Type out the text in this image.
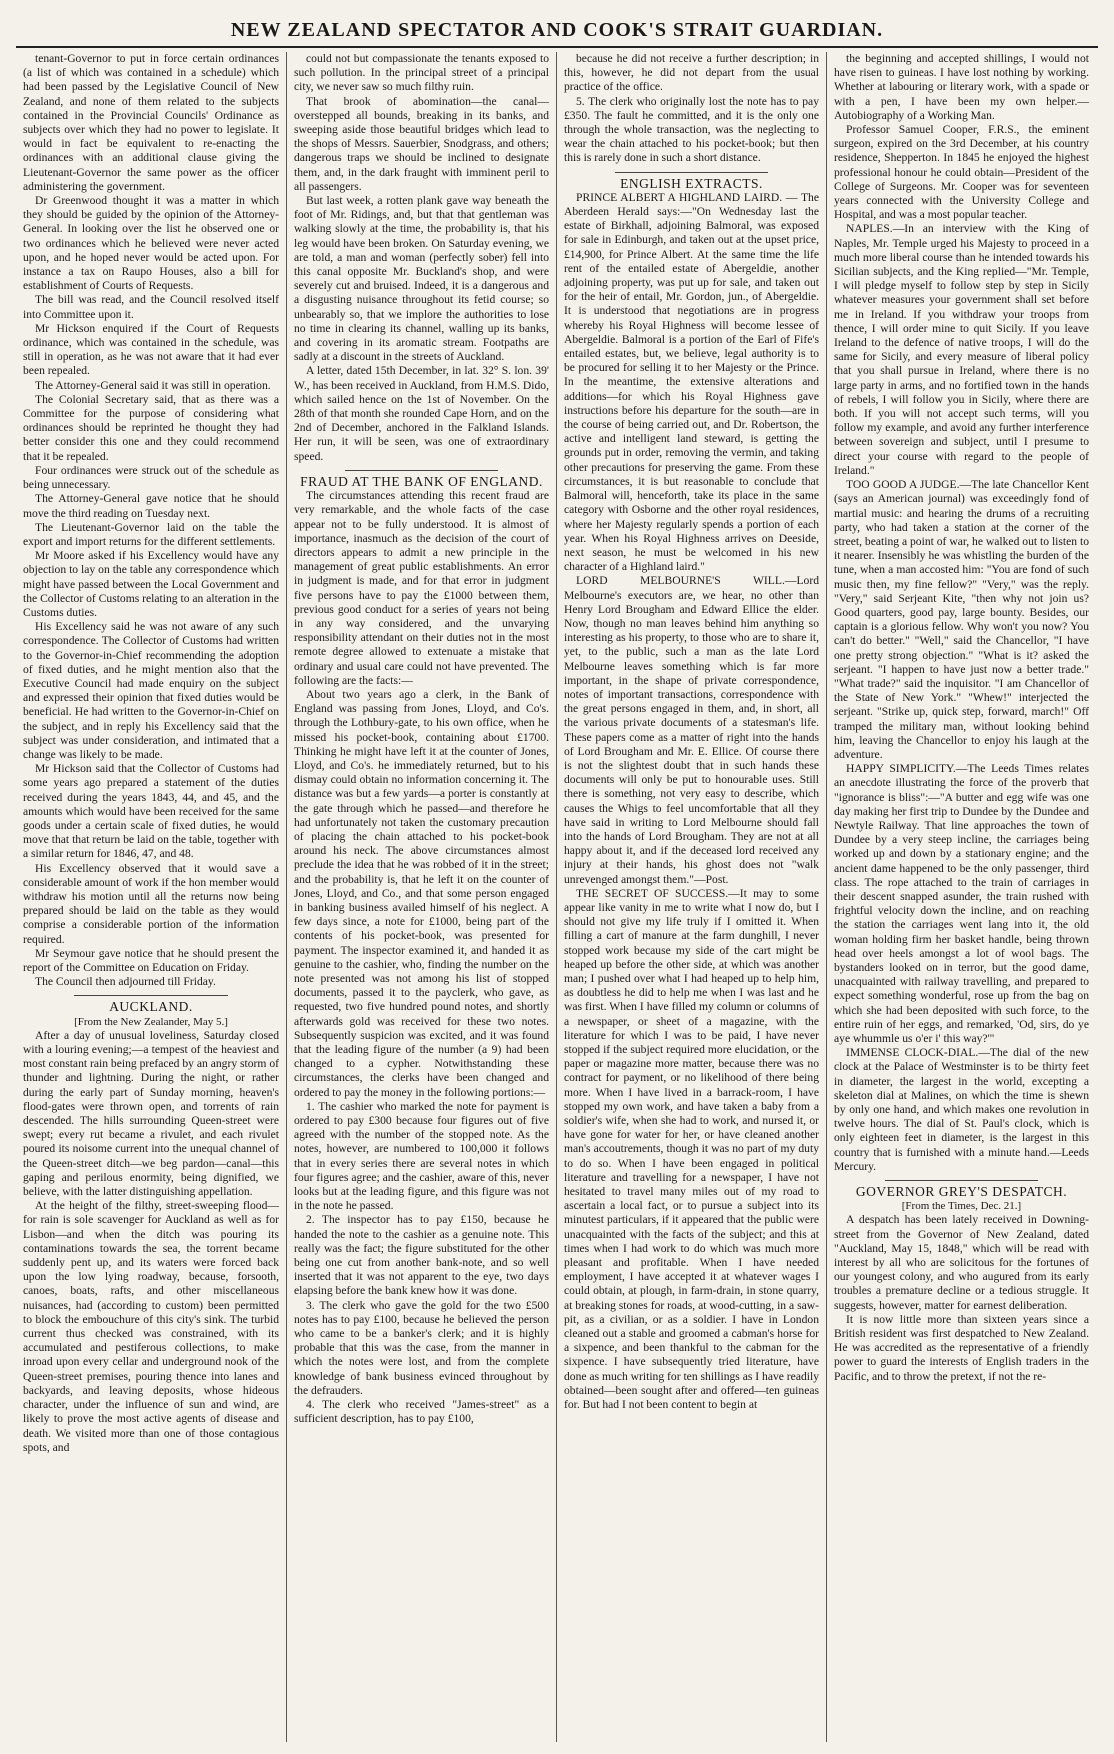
NEW ZEALAND SPECTATOR AND COOK'S STRAIT GUARDIAN.

tenant-Governor to put in force certain ordinances (a list of which was contained in a schedule) which had been passed by the Legislative Council of New Zealand, and none of them related to the subjects contained in the Provincial Councils' Ordinance as subjects over which they had no power to legislate. It would in fact be equivalent to re-enacting the ordinances with an additional clause giving the Lieutenant-Governor the same power as the officer administering the government.

Dr Greenwood thought it was a matter in which they should be guided by the opinion of the Attorney-General. In looking over the list he observed one or two ordinances which he believed were never acted upon, and he hoped never would be acted upon. For instance a tax on Raupo Houses, also a bill for establishment of Courts of Requests.

The bill was read, and the Council resolved itself into Committee upon it.

Mr Hickson enquired if the Court of Requests ordinance, which was contained in the schedule, was still in operation, as he was not aware that it had ever been repealed.

The Attorney-General said it was still in operation.

The Colonial Secretary said, that as there was a Committee for the purpose of considering what ordinances should be reprinted he thought they had better consider this one and they could recommend that it be repealed.

Four ordinances were struck out of the schedule as being unnecessary.

The Attorney-General gave notice that he should move the third reading on Tuesday next.

The Lieutenant-Governor laid on the table the export and import returns for the different settlements.

Mr Moore asked if his Excellency would have any objection to lay on the table any correspondence which might have passed between the Local Government and the Collector of Customs relating to an alteration in the Customs duties.

His Excellency said he was not aware of any such correspondence. The Collector of Customs had written to the Governor-in-Chief recommending the adoption of fixed duties, and he might mention also that the Executive Council had made enquiry on the subject and expressed their opinion that fixed duties would be beneficial. He had written to the Governor-in-Chief on the subject, and in reply his Excellency said that the subject was under consideration, and intimated that a change was likely to be made.

Mr Hickson said that the Collector of Customs had some years ago prepared a statement of the duties received during the years 1843, 44, and 45, and the amounts which would have been received for the same goods under a certain scale of fixed duties, he would move that that return be laid on the table, together with a similar return for 1846, 47, and 48.

His Excellency observed that it would save a considerable amount of work if the hon member would withdraw his motion until all the returns now being prepared should be laid on the table as they would comprise a considerable portion of the information required.

Mr Seymour gave notice that he should present the report of the Committee on Education on Friday.

The Council then adjourned till Friday.

AUCKLAND.

[From the New Zealander, May 5.]

After a day of unusual loveliness, Saturday closed with a louring evening;—a tempest of the heaviest and most constant rain being prefaced by an angry storm of thunder and lightning. During the night, or rather during the early part of Sunday morning, heaven's flood-gates were thrown open, and torrents of rain descended. The hills surrounding Queen-street were swept; every rut became a rivulet, and each rivulet poured its noisome current into the unequal channel of the Queen-street ditch—we beg pardon—canal—this gaping and perilous enormity, being dignified, we believe, with the latter distinguishing appellation.

At the height of the filthy, street-sweeping flood—for rain is sole scavenger for Auckland as well as for Lisbon—and when the ditch was pouring its contaminations towards the sea, the torrent became suddenly pent up, and its waters were forced back upon the low lying roadway, because, forsooth, canoes, boats, rafts, and other miscellaneous nuisances, had (according to custom) been permitted to block the embouchure of this city's sink. The turbid current thus checked was constrained, with its accumulated and pestiferous collections, to make inroad upon every cellar and underground nook of the Queen-street premises, pouring thence into lanes and backyards, and leaving deposits, whose hideous character, under the influence of sun and wind, are likely to prove the most active agents of disease and death. We visited more than one of those contagious spots, and

could not but compassionate the tenants exposed to such pollution. In the principal street of a principal city, we never saw so much filthy ruin.

That brook of abomination—the canal—overstepped all bounds, breaking in its banks, and sweeping aside those beautiful bridges which lead to the shops of Messrs. Sauerbier, Snodgrass, and others; dangerous traps we should be inclined to designate them, and, in the dark fraught with imminent peril to all passengers.

But last week, a rotten plank gave way beneath the foot of Mr. Ridings, and, but that that gentleman was walking slowly at the time, the probability is, that his leg would have been broken. On Saturday evening, we are told, a man and woman (perfectly sober) fell into this canal opposite Mr. Buckland's shop, and were severely cut and bruised. Indeed, it is a dangerous and a disgusting nuisance throughout its fetid course; so unbearably so, that we implore the authorities to lose no time in clearing its channel, walling up its banks, and covering in its aromatic stream. Footpaths are sadly at a discount in the streets of Auckland.

A letter, dated 15th December, in lat. 32° S. lon. 39' W., has been received in Auckland, from H.M.S. Dido, which sailed hence on the 1st of November. On the 28th of that month she rounded Cape Horn, and on the 2nd of December, anchored in the Falkland Islands. Her run, it will be seen, was one of extraordinary speed.

FRAUD AT THE BANK OF ENGLAND.

The circumstances attending this recent fraud are very remarkable, and the whole facts of the case appear not to be fully understood. It is almost of importance, inasmuch as the decision of the court of directors appears to admit a new principle in the management of great public establishments. An error in judgment is made, and for that error in judgment five persons have to pay the £1000 between them, previous good conduct for a series of years not being in any way considered, and the unvarying responsibility attendant on their duties not in the most remote degree allowed to extenuate a mistake that ordinary and usual care could not have prevented. The following are the facts:—

About two years ago a clerk, in the Bank of England was passing from Jones, Lloyd, and Co's. through the Lothbury-gate, to his own office, when he missed his pocket-book, containing about £1700. Thinking he might have left it at the counter of Jones, Lloyd, and Co's. he immediately returned, but to his dismay could obtain no information concerning it. The distance was but a few yards—a porter is constantly at the gate through which he passed—and therefore he had unfortunately not taken the customary precaution of placing the chain attached to his pocket-book around his neck. The above circumstances almost preclude the idea that he was robbed of it in the street; and the probability is, that he left it on the counter of Jones, Lloyd, and Co., and that some person engaged in banking business availed himself of his neglect. A few days since, a note for £1000, being part of the contents of his pocket-book, was presented for payment. The inspector examined it, and handed it as genuine to the cashier, who, finding the number on the note presented was not among his list of stopped documents, passed it to the payclerk, who gave, as requested, two five hundred pound notes, and shortly afterwards gold was received for these two notes. Subsequently suspicion was excited, and it was found that the leading figure of the number (a 9) had been changed to a cypher. Notwithstanding these circumstances, the clerks have been changed and ordered to pay the money in the following portions:—

1. The cashier who marked the note for payment is ordered to pay £300 because four figures out of five agreed with the number of the stopped note. As the notes, however, are numbered to 100,000 it follows that in every series there are several notes in which four figures agree; and the cashier, aware of this, never looks but at the leading figure, and this figure was not in the note he passed.

2. The inspector has to pay £150, because he handed the note to the cashier as a genuine note. This really was the fact; the figure substituted for the other being one cut from another bank-note, and so well inserted that it was not apparent to the eye, two days elapsing before the bank knew how it was done.

3. The clerk who gave the gold for the two £500 notes has to pay £100, because he believed the person who came to be a banker's clerk; and it is highly probable that this was the case, from the manner in which the notes were lost, and from the complete knowledge of bank business evinced throughout by the defrauders.

4. The clerk who received "James-street" as a sufficient description, has to pay £100,

because he did not receive a further description; in this, however, he did not depart from the usual practice of the office.

5. The clerk who originally lost the note has to pay £350. The fault he committed, and it is the only one through the whole transaction, was the neglecting to wear the chain attached to his pocket-book; but then this is rarely done in such a short distance.

ENGLISH EXTRACTS.

PRINCE ALBERT A HIGHLAND LAIRD. — The Aberdeen Herald says:—"On Wednesday last the estate of Birkhall, adjoining Balmoral, was exposed for sale in Edinburgh, and taken out at the upset price, £14,900, for Prince Albert. At the same time the life rent of the entailed estate of Abergeldie, another adjoining property, was put up for sale, and taken out for the heir of entail, Mr. Gordon, jun., of Abergeldie. It is understood that negotiations are in progress whereby his Royal Highness will become lessee of Abergeldie. Balmoral is a portion of the Earl of Fife's entailed estates, but, we believe, legal authority is to be procured for selling it to her Majesty or the Prince. In the meantime, the extensive alterations and additions—for which his Royal Highness gave instructions before his departure for the south—are in the course of being carried out, and Dr. Robertson, the active and intelligent land steward, is getting the grounds put in order, removing the vermin, and taking other precautions for preserving the game. From these circumstances, it is but reasonable to conclude that Balmoral will, henceforth, take its place in the same category with Osborne and the other royal residences, where her Majesty regularly spends a portion of each year. When his Royal Highness arrives on Deeside, next season, he must be welcomed in his new character of a Highland laird."

LORD MELBOURNE'S WILL.—Lord Melbourne's executors are, we hear, no other than Henry Lord Brougham and Edward Ellice the elder. Now, though no man leaves behind him anything so interesting as his property, to those who are to share it, yet, to the public, such a man as the late Lord Melbourne leaves something which is far more important, in the shape of private correspondence, notes of important transactions, correspondence with the great persons engaged in them, and, in short, all the various private documents of a statesman's life. These papers come as a matter of right into the hands of Lord Brougham and Mr. E. Ellice. Of course there is not the slightest doubt that in such hands these documents will only be put to honourable uses. Still there is something, not very easy to describe, which causes the Whigs to feel uncomfortable that all they have said in writing to Lord Melbourne should fall into the hands of Lord Brougham. They are not at all happy about it, and if the deceased lord received any injury at their hands, his ghost does not "walk unrevenged amongst them."—Post.

THE SECRET OF SUCCESS.—It may to some appear like vanity in me to write what I now do, but I should not give my life truly if I omitted it. When filling a cart of manure at the farm dunghill, I never stopped work because my side of the cart might be heaped up before the other side, at which was another man; I pushed over what I had heaped up to help him, as doubtless he did to help me when I was last and he was first. When I have filled my column or columns of a newspaper, or sheet of a magazine, with the literature for which I was to be paid, I have never stopped if the subject required more elucidation, or the paper or magazine more matter, because there was no contract for payment, or no likelihood of there being more. When I have lived in a barrack-room, I have stopped my own work, and have taken a baby from a soldier's wife, when she had to work, and nursed it, or have gone for water for her, or have cleaned another man's accoutrements, though it was no part of my duty to do so. When I have been engaged in political literature and travelling for a newspaper, I have not hesitated to travel many miles out of my road to ascertain a local fact, or to pursue a subject into its minutest particulars, if it appeared that the public were unacquainted with the facts of the subject; and this at times when I had work to do which was much more pleasant and profitable. When I have needed employment, I have accepted it at whatever wages I could obtain, at plough, in farm-drain, in stone quarry, at breaking stones for roads, at wood-cutting, in a saw-pit, as a civilian, or as a soldier. I have in London cleaned out a stable and groomed a cabman's horse for a sixpence, and been thankful to the cabman for the sixpence. I have subsequently tried literature, have done as much writing for ten shillings as I have readily obtained—been sought after and offered—ten guineas for. But had I not been content to begin at

the beginning and accepted shillings, I would not have risen to guineas. I have lost nothing by working. Whether at labouring or literary work, with a spade or with a pen, I have been my own helper.—Autobiography of a Working Man.

Professor Samuel Cooper, F.R.S., the eminent surgeon, expired on the 3rd December, at his country residence, Shepperton. In 1845 he enjoyed the highest professional honour he could obtain—President of the College of Surgeons. Mr. Cooper was for seventeen years connected with the University College and Hospital, and was a most popular teacher.

NAPLES.—In an interview with the King of Naples, Mr. Temple urged his Majesty to proceed in a much more liberal course than he intended towards his Sicilian subjects, and the King replied—"Mr. Temple, I will pledge myself to follow step by step in Sicily whatever measures your government shall set before me in Ireland. If you withdraw your troops from thence, I will order mine to quit Sicily. If you leave Ireland to the defence of native troops, I will do the same for Sicily, and every measure of liberal policy that you shall pursue in Ireland, where there is no large party in arms, and no fortified town in the hands of rebels, I will follow you in Sicily, where there are both. If you will not accept such terms, will you follow my example, and avoid any further interference between sovereign and subject, until I presume to direct your course with regard to the people of Ireland."

TOO GOOD A JUDGE.—The late Chancellor Kent (says an American journal) was exceedingly fond of martial music: and hearing the drums of a recruiting party, who had taken a station at the corner of the street, beating a point of war, he walked out to listen to it nearer. Insensibly he was whistling the burden of the tune, when a man accosted him: "You are fond of such music then, my fine fellow?" "Very," was the reply. "Very," said Serjeant Kite, "then why not join us? Good quarters, good pay, large bounty. Besides, our captain is a glorious fellow. Why won't you now? You can't do better." "Well," said the Chancellor, "I have one pretty strong objection." "What is it? asked the serjeant. "I happen to have just now a better trade." "What trade?" said the inquisitor. "I am Chancellor of the State of New York." "Whew!" interjected the serjeant. "Strike up, quick step, forward, march!" Off tramped the military man, without looking behind him, leaving the Chancellor to enjoy his laugh at the adventure.

HAPPY SIMPLICITY.—The Leeds Times relates an anecdote illustrating the force of the proverb that "ignorance is bliss":—"A butter and egg wife was one day making her first trip to Dundee by the Dundee and Newtyle Railway. That line approaches the town of Dundee by a very steep incline, the carriages being worked up and down by a stationary engine; and the ancient dame happened to be the only passenger, third class. The rope attached to the train of carriages in their descent snapped asunder, the train rushed with frightful velocity down the incline, and on reaching the station the carriages went lang into it, the old woman holding firm her basket handle, being thrown head over heels amongst a lot of wool bags. The bystanders looked on in terror, but the good dame, unacquainted with railway travelling, and prepared to expect something wonderful, rose up from the bag on which she had been deposited with such force, to the entire ruin of her eggs, and remarked, 'Od, sirs, do ye aye whummle us o'er i' this way?'"

IMMENSE CLOCK-DIAL.—The dial of the new clock at the Palace of Westminster is to be thirty feet in diameter, the largest in the world, excepting a skeleton dial at Malines, on which the time is shewn by only one hand, and which makes one revolution in twelve hours. The dial of St. Paul's clock, which is only eighteen feet in diameter, is the largest in this country that is furnished with a minute hand.—Leeds Mercury.

GOVERNOR GREY'S DESPATCH.

[From the Times, Dec. 21.]

A despatch has been lately received in Downing-street from the Governor of New Zealand, dated "Auckland, May 15, 1848," which will be read with interest by all who are solicitous for the fortunes of our youngest colony, and who augured from its early troubles a premature decline or a tedious struggle. It suggests, however, matter for earnest deliberation.

It is now little more than sixteen years since a British resident was first despatched to New Zealand. He was accredited as the representative of a friendly power to guard the interests of English traders in the Pacific, and to throw the pretext, if not the re-
